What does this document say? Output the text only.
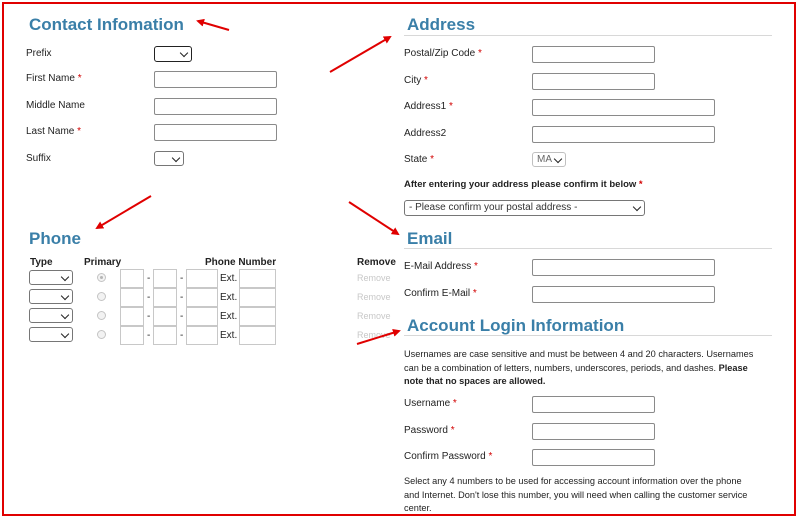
Contact Infomation
Prefix
First Name *
Middle Name
Last Name *
Suffix
Address
Postal/Zip Code *
City *
Address1 *
Address2
State *	MA
After entering your address please confirm it below *
- Please confirm your postal address -
Phone
Type	Primary	Phone Number	Remove
-	-	Ext.	Remove
-	-	Ext.	Remove
-	-	Ext.	Remove
-	-	Ext.	Remove
Email
E-Mail Address *
Confirm E-Mail *
Account Login Information
Usernames are case sensitive and must be between 4 and 20 characters. Usernames can be a combination of letters, numbers, underscores, periods, and dashes. Please note that no spaces are allowed.
Username *
Password *
Confirm Password *
Select any 4 numbers to be used for accessing account information over the phone and Internet. Don't lose this number, you will need when calling the customer service center.
